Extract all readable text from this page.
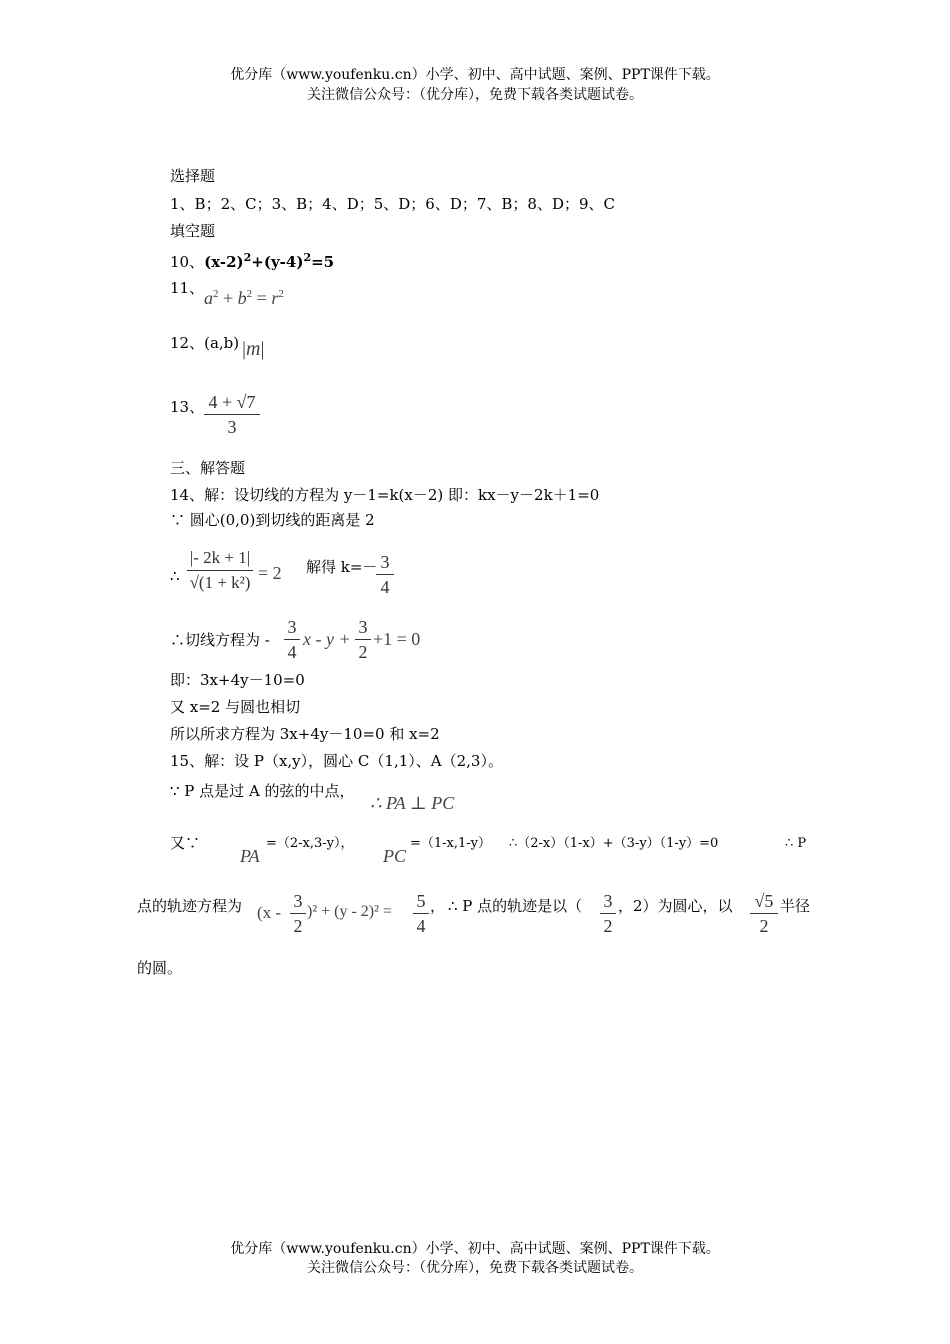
优分库（www.youfenku.cn）小学、初中、高中试题、案例、PPT课件下载。
关注微信公众号：（优分库），免费下载各类试题试卷。
选择题
1、B；2、C；3、B；4、D；5、D；6、D；7、B；8、D；9、C
填空题
10、$(x-2)^2+(y-4)^2=5$
11、 $a^2 + b^2 = r^2$
12、(a,b) |m|
13、 4 + √7
3
三、解答题
14、解：设切线的方程为 y－1=k(x－2) 即：kx－y－2k＋1=0
∵ 圆心(0,0)到切线的距离是 2
∴
|- 2k + 1|
√(1 + k²) = 2 解得 k=－ 3
4
∴切线方程为 -
3
4
x - y +
3
2
+1 = 0
即：3x+4y－10=0
又 x=2 与圆也相切
所以所求方程为 3x+4y－10=0 和 x=2
15、解：设 P（x,y），圆心 C（1,1）、A（2,3）。
∵ P 点是过 A 的弦的中点，
∴ PA ⊥ PC
又∵
PA
=（2-x,3-y），
PC
=（1-x,1-y） ∴（2-x）（1-x）+（3-y）（1-y）=0	∴ P
点的轨迹方程为 (x -
3
2
)² + (y - 2)² =
5
4
， ∴ P 点的轨迹是以（ 3
2
，2）为圆心，以 √5
2
半径
的圆。
优分库（www.youfenku.cn）小学、初中、高中试题、案例、PPT课件下载。
关注微信公众号：（优分库），免费下载各类试题试卷。
